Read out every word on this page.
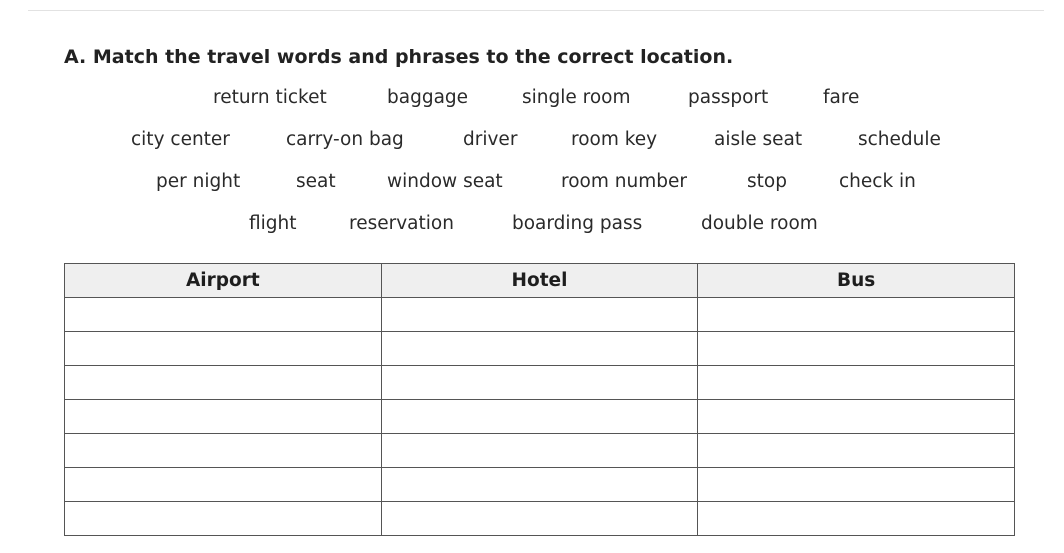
A. Match the travel words and phrases to the correct location.
return ticket	baggage	single room	passport	fare
city center	carry-on bag	driver	room key	aisle seat	schedule
per night	seat	window seat	room number	stop	check in
flight	reservation	boarding pass	double room
Airport	Hotel	Bus
